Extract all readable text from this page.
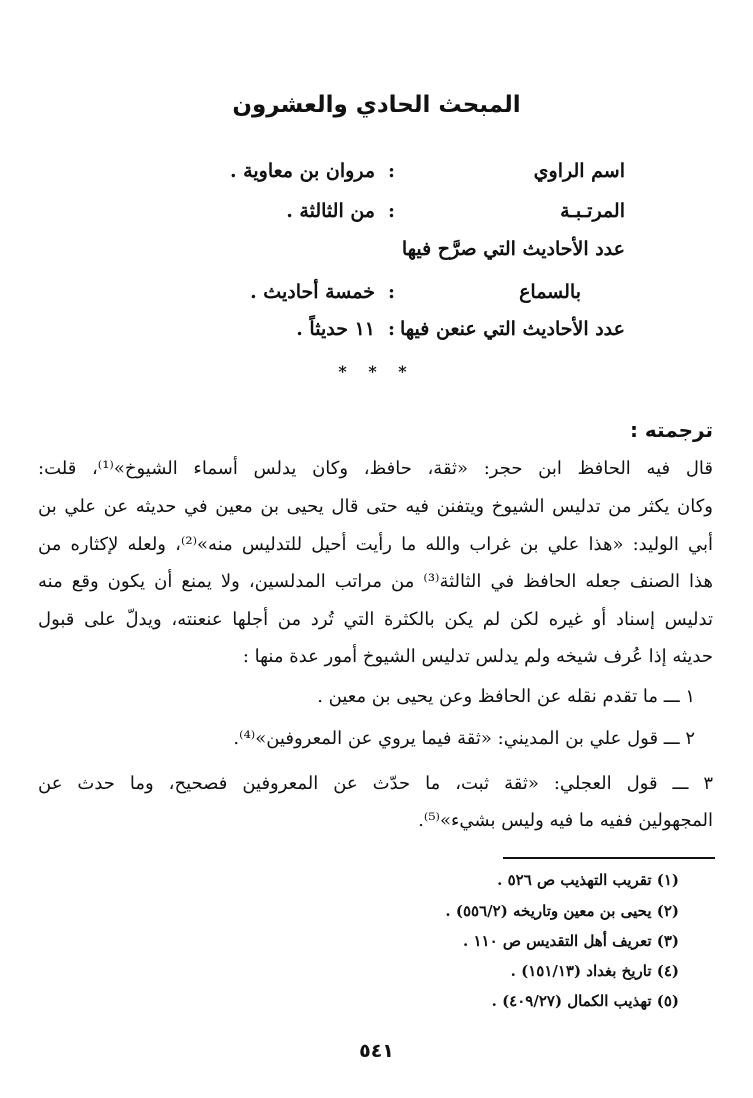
المبحث الحادي والعشرون
اسم الراوي
:
مروان بن معاوية .
المرتـبـة
:
من الثالثة .
عدد الأحاديث التي صرَّح فيها
بالسماع
:
خمسة أحاديث .
عدد الأحاديث التي عنعن فيها
:
١١ حديثاً .
* * *
ترجمته :
قال فيه الحافظ ابن حجر: «ثقة، حافظ، وكان يدلس أسماء الشيوخ»⁽¹⁾، قلت:
وكان يكثر من تدليس الشيوخ ويتفنن فيه حتى قال يحيى بن معين في حديثه عن علي بن
أبي الوليد: «هذا علي بن غراب والله ما رأيت أحيل للتدليس منه»⁽²⁾، ولعله لإكثاره من
هذا الصنف جعله الحافظ في الثالثة⁽³⁾ من مراتب المدلسين، ولا يمنع أن يكون وقع منه
تدليس إسناد أو غيره لكن لم يكن بالكثرة التي تُرد من أجلها عنعنته، ويدلّ على قبول
حديثه إذا عُرف شيخه ولم يدلس تدليس الشيوخ أمور عدة منها :
١ ـــ ما تقدم نقله عن الحافظ وعن يحيى بن معين .
٢ ـــ قول علي بن المديني: «ثقة فيما يروي عن المعروفين»⁽⁴⁾.
٣ ـــ قول العجلي: «ثقة ثبت، ما حدّث عن المعروفين فصحيح، وما حدث عن
المجهولين ففيه ما فيه وليس بشيء»⁽⁵⁾.
(١) تقريب التهذيب ص ٥٢٦ .
(٢) يحيى بن معين وتاريخه (٥٥٦/٢) .
(٣) تعريف أهل التقديس ص ١١٠ .
(٤) تاريخ بغداد (١٥١/١٣) .
(٥) تهذيب الكمال (٤٠٩/٢٧) .
٥٤١
